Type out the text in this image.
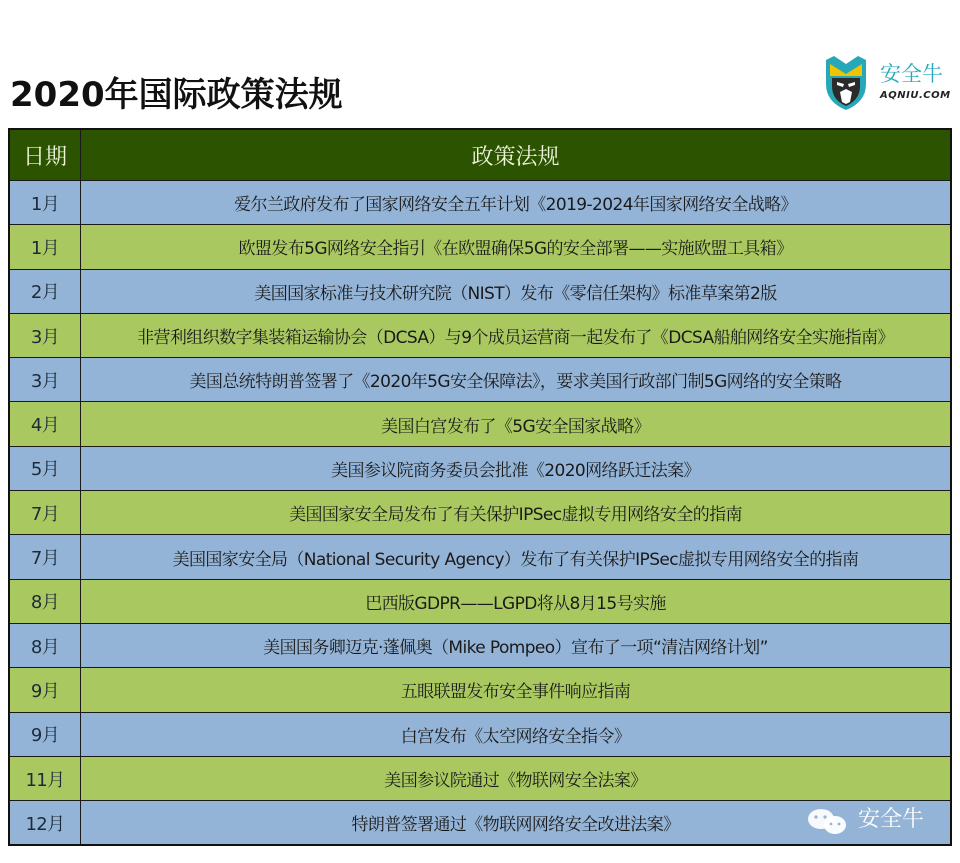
2020年国际政策法规
安全牛
AQNIU.COM
日期	政策法规
1月	爱尔兰政府发布了国家网络安全五年计划《2019-2024年国家网络安全战略》
1月	欧盟发布5G网络安全指引《在欧盟确保5G的安全部署——实施欧盟工具箱》
2月	美国国家标准与技术研究院（NIST）发布《零信任架构》标准草案第2版
3月	非营利组织数字集装箱运输协会（DCSA）与9个成员运营商一起发布了《DCSA船舶网络安全实施指南》
3月	美国总统特朗普签署了《2020年5G安全保障法》，要求美国行政部门制5G网络的安全策略
4月	美国白宫发布了《5G安全国家战略》
5月	美国参议院商务委员会批准《2020网络跃迁法案》
7月	美国国家安全局发布了有关保护IPSec虚拟专用网络安全的指南
7月	美国国家安全局（National Security Agency）发布了有关保护IPSec虚拟专用网络安全的指南
8月	巴西版GDPR——LGPD将从8月15号实施
8月	美国国务卿迈克·蓬佩奥（Mike Pompeo）宣布了一项“清洁网络计划”
9月	五眼联盟发布安全事件响应指南
9月	白宫发布《太空网络安全指令》
11月	美国参议院通过《物联网安全法案》
12月	特朗普签署通过《物联网网络安全改进法案》	安全牛
